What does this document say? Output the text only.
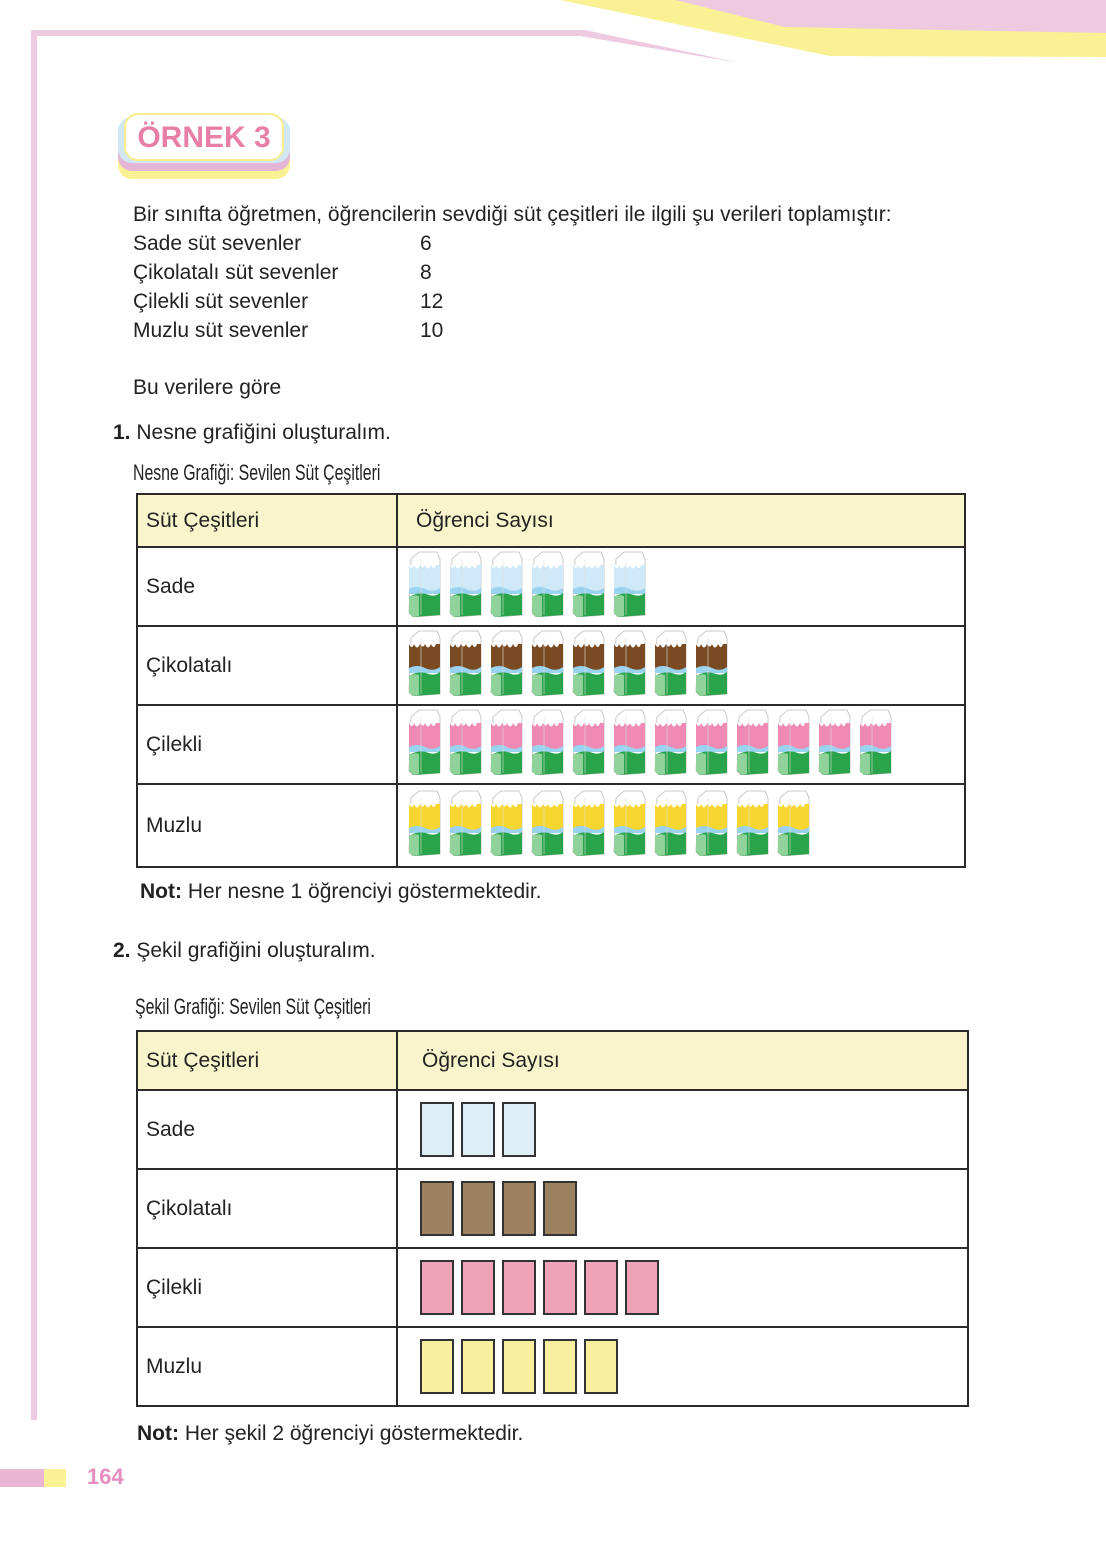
ÖRNEK 3
Bir sınıfta öğretmen, öğrencilerin sevdiği süt çeşitleri ile ilgili şu verileri toplamıştır:
Sade süt sevenler	6
Çikolatalı süt sevenler	8
Çilekli süt sevenler	12
Muzlu süt sevenler	10
Bu verilere göre
1. Nesne grafiğini oluşturalım.
Nesne Grafiği: Sevilen Süt Çeşitleri
Süt Çeşitleri	Öğrenci Sayısı
Sade	

Çikolatalı	

Çilekli	

Muzlu	
Not: Her nesne 1 öğrenciyi göstermektedir.
2. Şekil grafiğini oluşturalım.
Şekil Grafiği: Sevilen Süt Çeşitleri
Süt Çeşitleri	Öğrenci Sayısı
Sade	

Çikolatalı	

Çilekli	

Muzlu	
Not: Her şekil 2 öğrenciyi göstermektedir.
164
